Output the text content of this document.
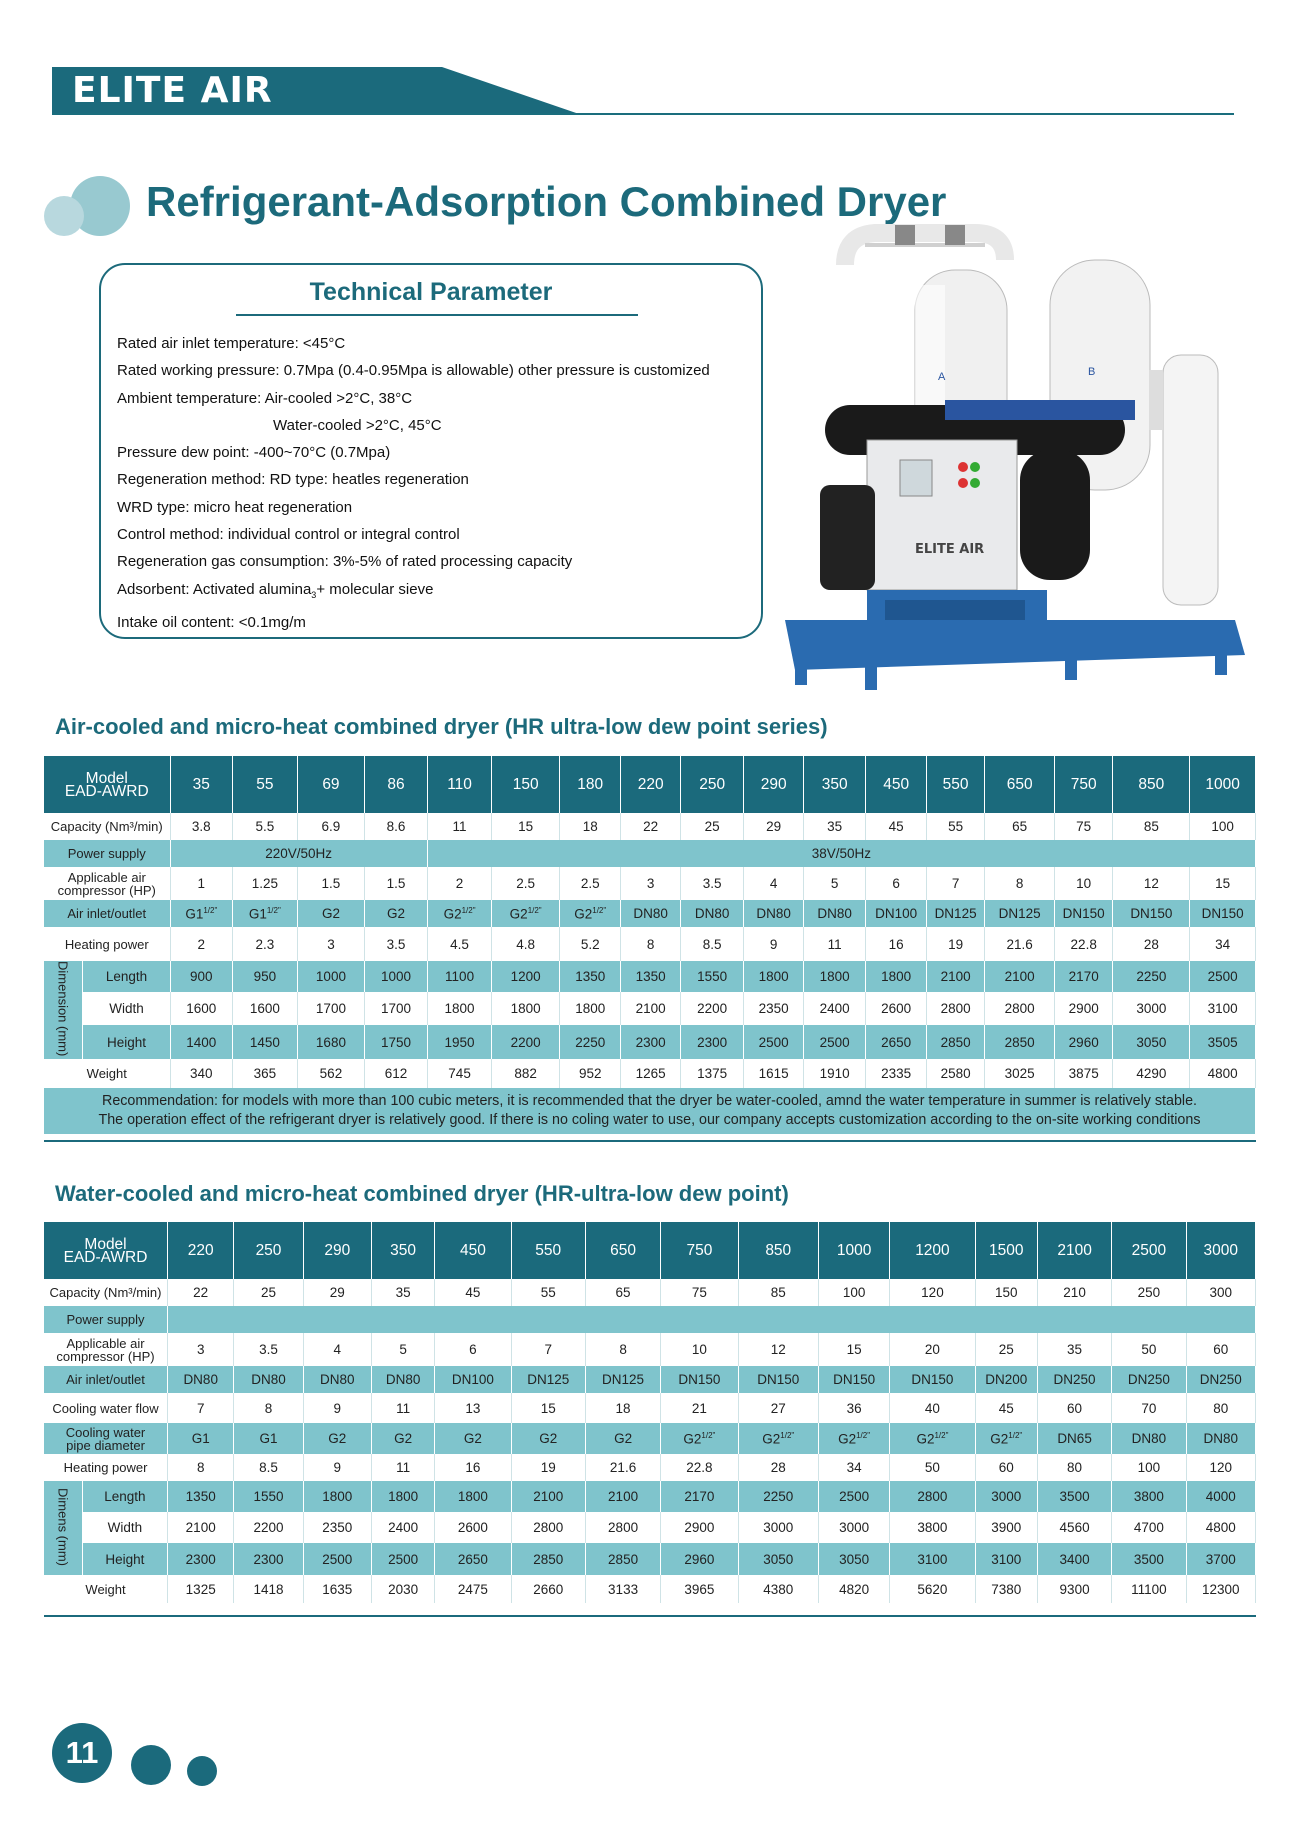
ELITE AIR
Refrigerant-Adsorption Combined Dryer
Technical Parameter
Rated air inlet temperature: <45°C
Rated working pressure: 0.7Mpa (0.4-0.95Mpa is allowable) other pressure is customized
Ambient temperature: Air-cooled >2°C, 38°C
Water-cooled >2°C, 45°C
Pressure dew point: -400~70°C (0.7Mpa)
Regeneration method: RD type: heatles regeneration
WRD type: micro heat regeneration
Control method: individual control or integral control
Regeneration gas consumption: 3%-5% of rated processing capacity
Adsorbent: Activated alumina$_3$+ molecular sieve
Intake oil content: <0.1mg/m
A	B
ELITE AIR
Air-cooled and micro-heat combined dryer (HR ultra-low dew point series)
Model
EAD-AWRD		35	55	69	86	110	150	180	220	250	290	350	450	550	650	750	850	1000
Capacity (Nm³/min)		3.8	5.5	6.9	8.6	11	15	18	22	25	29	35	45	55	65	75	85	100
Power supply		220V/50Hz				38V/50Hz												

Applicable air
compressor (HP)		1	1.25	1.5	1.5	2	2.5	2.5	3	3.5	4	5	6	7	8	10	12	15
Air inlet/outlet		$G1^{1/2"}$	$G1^{1/2"}$	G2	G2	$G2^{1/2"}$	$G2^{1/2"}$	$G2^{1/2"}$	DN80	DN80	DN80	DN80	DN100	DN125	DN125	DN150	DN150	DN150
Heating power		2	2.3	3	3.5	4.5	4.8	5.2	8	8.5	9	11	16	19	21.6	22.8	28	34
Dimension (mm)	Length	900	950	1000	1000	1100	1200	1350	1350	1550	1800	1800	1800	2100	2100	2170	2250	2500
	Width	1600	1600	1700	1700	1800	1800	1800	2100	2200	2350	2400	2600	2800	2800	2900	3000	3100
	Height	1400	1450	1680	1750	1950	2200	2250	2300	2300	2500	2500	2650	2850	2850	2960	3050	3505
Weight		340	365	562	612	745	882	952	1265	1375	1615	1910	2335	2580	3025	3875	4290	4800

Recommendation: for models with more than 100 cubic meters, it is recommended that the dryer be water-cooled, amnd the water temperature in summer is relatively stable.
The operation effect of the refrigerant dryer is relatively good. If there is no coling water to use, our company accepts customization according to the on-site working conditions																		
Water-cooled and micro-heat combined dryer (HR-ultra-low dew point)
Model
EAD-AWRD		220	250	290	350	450	550	650	750	850	1000	1200	1500	2100	2500	3000
Capacity (Nm³/min)		22	25	29	35	45	55	65	75	85	100	120	150	210	250	300
Power supply																

Applicable air
compressor (HP)		3	3.5	4	5	6	7	8	10	12	15	20	25	35	50	60
Air inlet/outlet		DN80	DN80	DN80	DN80	DN100	DN125	DN125	DN150	DN150	DN150	DN150	DN200	DN250	DN250	DN250
Cooling water flow		7	8	9	11	13	15	18	21	27	36	40	45	60	70	80

Cooling water
pipe diameter		G1	G1	G2	G2	G2	G2	G2	$G2^{1/2"}$	$G2^{1/2"}$	$G2^{1/2"}$	$G2^{1/2"}$	$G2^{1/2"}$	DN65	DN80	DN80
Heating power		8	8.5	9	11	16	19	21.6	22.8	28	34	50	60	80	100	120
Dimens (mm)	Length	1350	1550	1800	1800	1800	2100	2100	2170	2250	2500	2800	3000	3500	3800	4000
	Width	2100	2200	2350	2400	2600	2800	2800	2900	3000	3000	3800	3900	4560	4700	4800
	Height	2300	2300	2500	2500	2650	2850	2850	2960	3050	3050	3100	3100	3400	3500	3700
Weight		1325	1418	1635	2030	2475	2660	3133	3965	4380	4820	5620	7380	9300	11100	12300
11
